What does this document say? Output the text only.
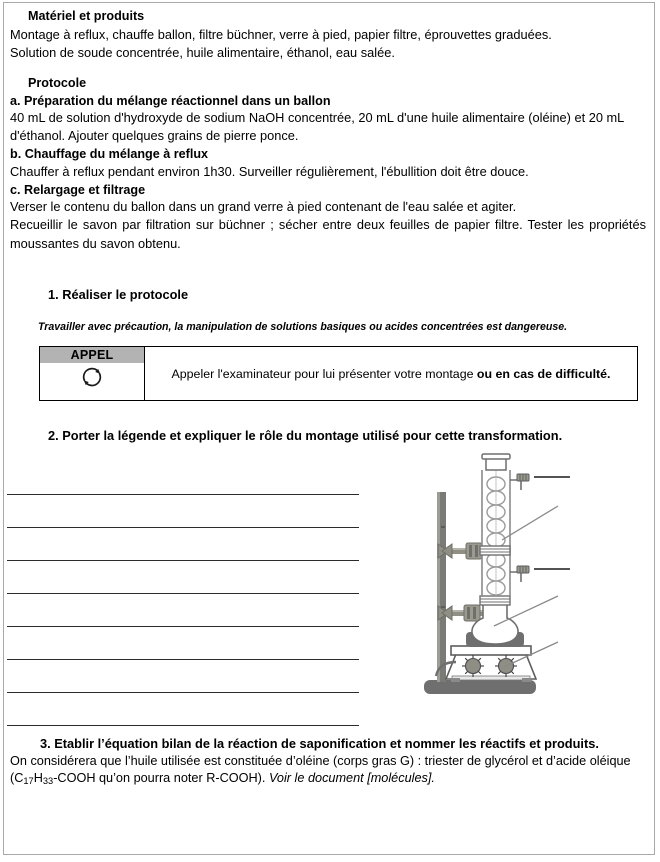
Matériel et produits
Montage à reflux, chauffe ballon, filtre büchner, verre à pied, papier filtre, éprouvettes graduées.
Solution de soude concentrée, huile alimentaire, éthanol, eau salée.
Protocole
a. Préparation du mélange réactionnel dans un ballon
40 mL de solution d'hydroxyde de sodium NaOH concentrée, 20 mL d'une huile alimentaire (oléine) et 20 mL d'éthanol. Ajouter quelques grains de pierre ponce.
b. Chauffage du mélange à reflux
Chauffer à reflux pendant environ 1h30. Surveiller régulièrement, l'ébullition doit être douce.
c. Relargage et filtrage
Verser le contenu du ballon dans un grand verre à pied contenant de l'eau salée et agiter.
Recueillir le savon par filtration sur büchner ; sécher entre deux feuilles de papier filtre. Tester les propriétés moussantes du savon obtenu.
1. Réaliser le protocole
Travailler avec précaution, la manipulation de solutions basiques ou acides concentrées est dangereuse.
APPEL
	Appeler l'examinateur pour lui présenter votre montage ou en cas de difficulté.
2. Porter la légende et expliquer le rôle du montage utilisé pour cette transformation.
3. Etablir l’équation bilan de la réaction de saponification et nommer les réactifs et produits.
On considérera que l’huile utilisée est constituée d’oléine (corps gras G) : triester de glycérol et d’acide oléique ($C_{17}H_{33}$-COOH qu’on pourra noter R-COOH). Voir le document [molécules].
